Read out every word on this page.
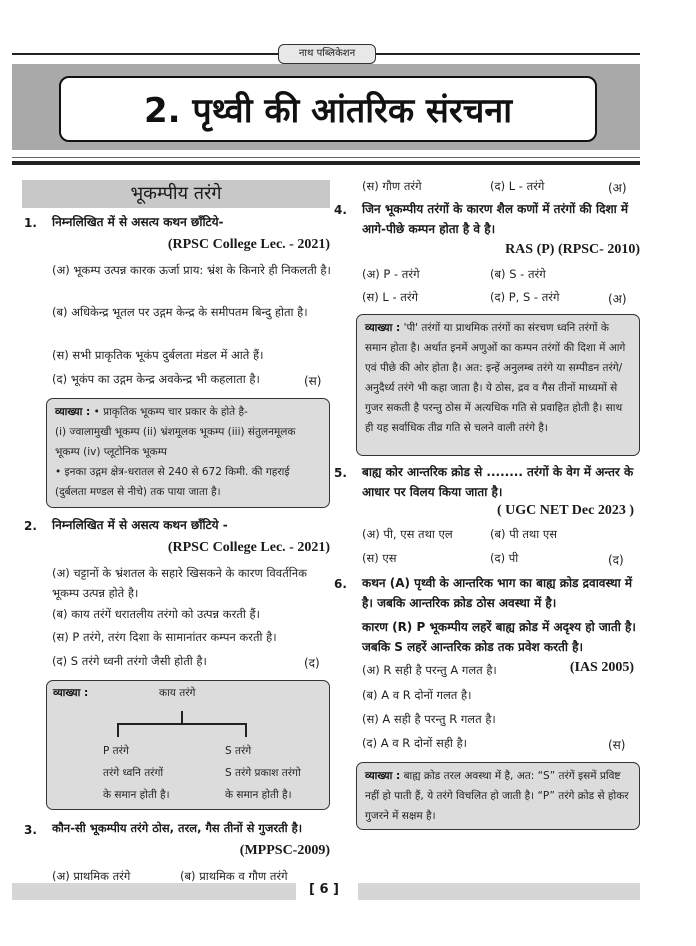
नाथ पब्लिकेशन
2. पृथ्वी की आंतरिक संरचना
भूकम्पीय तरंगे
1. निम्नलिखित में से असत्य कथन छाँटिये-
(RPSC College Lec. - 2021)
(अ) भूकम्प उत्पन्न कारक ऊर्जा प्राय: भ्रंश के किनारे ही निकलती है।
(ब) अधिकेन्द्र भूतल पर उद्गम केन्द्र के समीपतम बिन्दु होता है।
(स) सभी प्राकृतिक भूकंप दुर्बलता मंडल में आते हैं।
(द) भूकंप का उद्गम केन्द्र अवकेन्द्र भी कहलाता है।	(स)
व्याख्या : • प्राकृतिक भूकम्प चार प्रकार के होते है-
(i) ज्वालामुखी भूकम्प (ii) भ्रंशमूलक भूकम्प (iii) संतुलनमूलक भूकम्प (iv) प्लूटोनिक भूकम्प
• इनका उद्गम क्षेत्र-धरातल से 240 से 672 किमी. की गहराई (दुर्बलता मण्डल से नीचे) तक पाया जाता है।
2. निम्नलिखित में से असत्य कथन छाँटिये -
(RPSC College Lec. - 2021)
(अ) चट्टानों के भ्रंशतल के सहारे खिसकने के कारण विवर्तनिक भूकम्प उत्पन्न होते है।
(ब) काय तरंगें धरातलीय तरंगो को उत्पन्न करती हैं।
(स) P तरंगे, तरंग दिशा के सामानांतर कम्पन करती है।
(द) S तरंगे ध्वनी तरंगो जैसी होती है।	(द)
व्याख्या :	काय तरंगे
P तरंगे
तरंगे ध्वनि तरंगों
के समान होती है।
S तरंगे
S तरंगे प्रकाश तरंगो
के समान होती है।
3. कौन-सी भूकम्पीय तरंगे ठोस, तरल, गैस तीनों से गुजरती है।
(MPPSC-2009)
(अ) प्राथमिक तरंगे	(ब) प्राथमिक व गौण तरंगे
(स) गौण तरंगे	(द) L - तरंगे	(अ)
4. जिन भूकम्पीय तरंगों के कारण शैल कणों में तरंगों की दिशा में आगे-पीछे कम्पन होता है वे है।
RAS (P) (RPSC- 2010)
(अ) P - तरंगे	(ब) S - तरंगे
(स) L - तरंगे	(द) P, S - तरंगे	(अ)
व्याख्या : 'पी' तरंगों या प्राथमिक तरंगों का संरचण ध्वनि तरंगों के समान होता है। अर्थात इनमें अणुओं का कम्पन तरंगों की दिशा में आगे एवं पीछे की ओर होता है। अत: इन्हें अनुलम्ब तरंगे या सम्पीडन तरंगे/अनुदैर्ध्य तरंगे भी कहा जाता है। ये ठोस, द्रव व गैस तीनों माध्यमों से गुजर सकती है परन्तु ठोस में अत्यधिक गति से प्रवाहित होती है। साथ ही यह सर्वाधिक तीव्र गति से चलने वाली तरंगे है।
5. बाह्य कोर आन्तरिक क्रोड से ........ तरंगों के वेग में अन्तर के आधार पर विलय किया जाता है।
( UGC NET Dec 2023 )
(अ) पी, एस तथा एल	(ब) पी तथा एस
(स) एस	(द) पी	(द)
6. कथन (A) पृथ्वी के आन्तरिक भाग का बाह्य क्रोड द्रवावस्था में है। जबकि आन्तरिक क्रोड ठोस अवस्था में है।
कारण (R) P भूकम्पीय लहरें बाह्य क्रोड में अदृश्य हो जाती है। जबकि S लहरें आन्तरिक क्रोड तक प्रवेश करती है।
(अ) R सही है परन्तु A गलत है।	(IAS 2005)
(ब) A व R दोनों गलत है।
(स) A सही है परन्तु R गलत है।
(द) A व R दोनों सही है।	(स)
व्याख्या : बाह्य क्रोड तरल अवस्था में है, अत: “S” तरंगें इसमें प्रविष्ट नहीं हो पाती हैं, ये तरंगे विचलित हो जाती है। “P” तरंगे क्रोड से होकर गुजरने में सक्षम है।
[ 6 ]
